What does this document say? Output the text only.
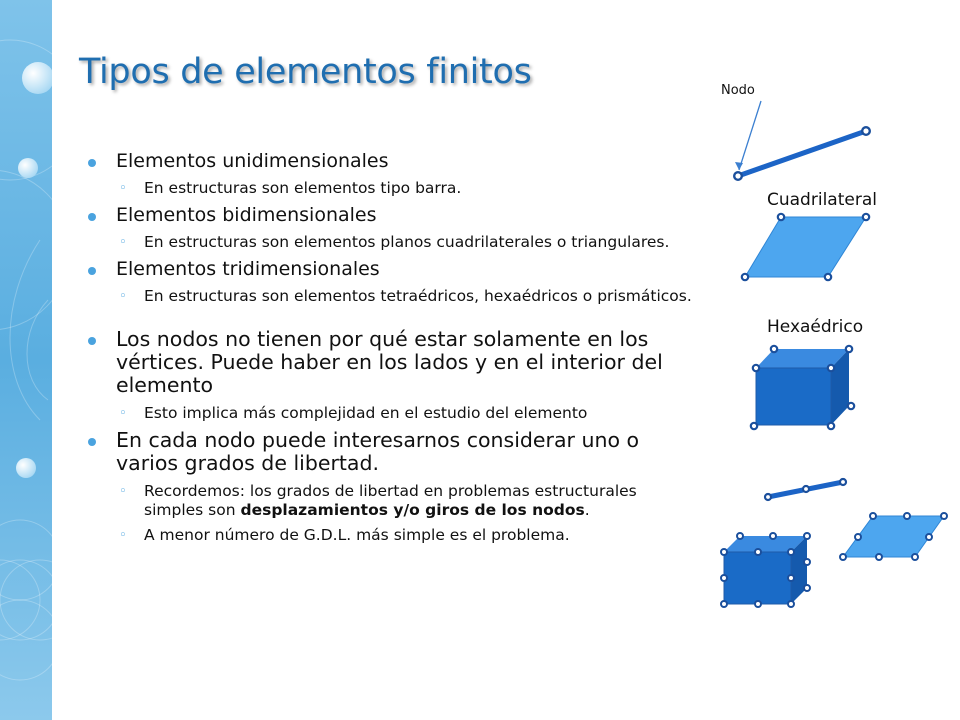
Tipos de elementos finitos
Elementos unidimensionales
◦ En estructuras son elementos tipo barra.
Elementos bidimensionales
◦ En estructuras son elementos planos cuadrilaterales o triangulares.
Elementos tridimensionales
◦ En estructuras son elementos tetraédricos, hexaédricos o prismáticos.
Los nodos no tienen por qué estar solamente en los vértices. Puede haber en los lados y en el interior del elemento
◦ Esto implica más complejidad en el estudio del elemento
En cada nodo puede interesarnos considerar uno o varios grados de libertad.
◦ Recordemos: los grados de libertad en problemas estructurales simples son desplazamientos y/o giros de los nodos.
◦ A menor número de G.D.L. más simple es el problema.
Nodo
Cuadrilateral
Hexaédrico
